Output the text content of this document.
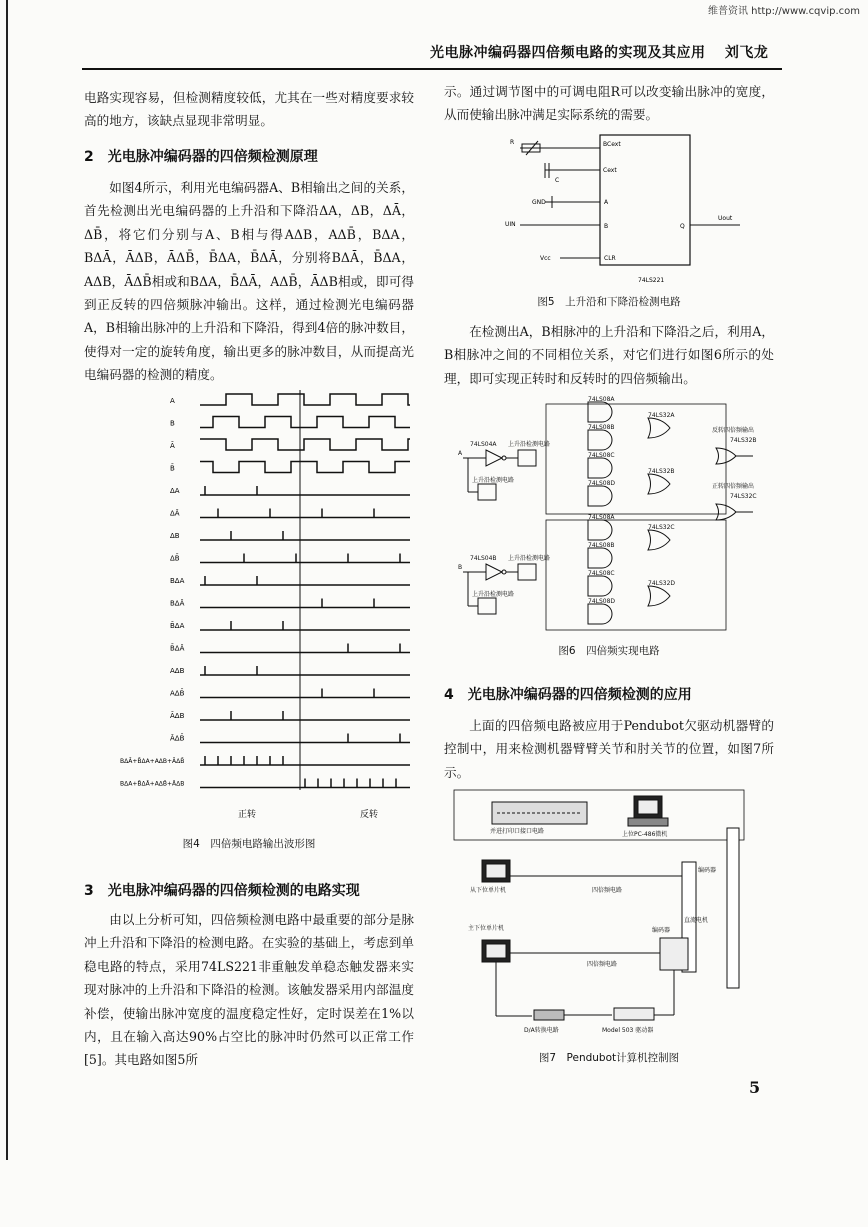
维普资讯 http://www.cqvip.com
光电脉冲编码器四倍频电路的实现及其应用 刘飞龙

电路实现容易，但检测精度较低，尤其在一些对精度要求较高的地方，该缺点显现非常明显。

2　光电脉冲编码器的四倍频检测原理

如图4所示，利用光电编码器A、B相输出之间的关系，首先检测出光电编码器的上升沿和下降沿ΔA，ΔB，ΔĀ，ΔB̄，将它们分别与A、B相与得AΔB，AΔB̄，BΔA，BΔĀ，ĀΔB，ĀΔB̄，B̄ΔA，B̄ΔĀ，分别将BΔĀ，B̄ΔA，AΔB，ĀΔB̄相或和BΔA，B̄ΔĀ，AΔB̄，ĀΔB相或，即可得到正反转的四倍频脉冲输出。这样，通过检测光电编码器A，B相输出脉冲的上升沿和下降沿，得到4倍的脉冲数目，使得对一定的旋转角度，输出更多的脉冲数目，从而提高光电编码器的检测的精度。

A
B
Ā
B̄
ΔA
ΔĀ
ΔB
ΔB̄
BΔA
BΔĀ
B̄ΔA
B̄ΔĀ
AΔB
AΔB̄
ĀΔB
ĀΔB̄
BΔĀ+B̄ΔA+AΔB+ĀΔB̄
BΔA+B̄ΔĀ+AΔB̄+ĀΔB
正转	反转
图4　四倍频电路输出波形图
3　光电脉冲编码器的四倍频检测的电路实现

由以上分析可知，四倍频检测电路中最重要的部分是脉冲上升沿和下降沿的检测电路。在实验的基础上，考虑到单稳电路的特点，采用74LS221非重触发单稳态触发器来实现对脉冲的上升沿和下降沿的检测。该触发器采用内部温度补偿，使输出脉冲宽度的温度稳定性好，定时误差在1%以内，且在输入高达90%占空比的脉冲时仍然可以正常工作[5]。其电路如图5所

示。通过调节图中的可调电阻R可以改变输出脉冲的宽度，从而使输出脉冲满足实际系统的需要。

R	BCext
C
Cext
GND	A
UIN	B	Q
Uout
Vcc	CLR
74LS221
图5　上升沿和下降沿检测电路

在检测出A，B相脉冲的上升沿和下降沿之后，利用A，B相脉冲之间的不同相位关系，对它们进行如图6所示的处理，即可实现正转时和反转时的四倍频输出。

74LS08A
74LS08B
74LS08C
74LS08D
74LS08A
74LS08B
74LS08C
74LS08D
74LS32A
74LS32B
74LS32C
74LS32D
A
B
74LS04A
74LS04B
上升沿检测电路
上升沿检测电路
上升沿检测电路
上升沿检测电路
反转四倍频输出
正转四倍频输出
74LS32B
74LS32C
图6　四倍频实现电路
4　光电脉冲编码器的四倍频检测的应用

上面的四倍频电路被应用于Pendubot欠驱动机器臂的控制中，用来检测机器臂臂关节和肘关节的位置，如图7所示。

并进打印口接口电路	上位PC-486微机
从下位单片机	四倍频电路
编码器
主下位单片机	编码器
直流电机
四倍频电路
D/A转换电路	Model 503 驱动器
图7　Pendubot计算机控制图
5
